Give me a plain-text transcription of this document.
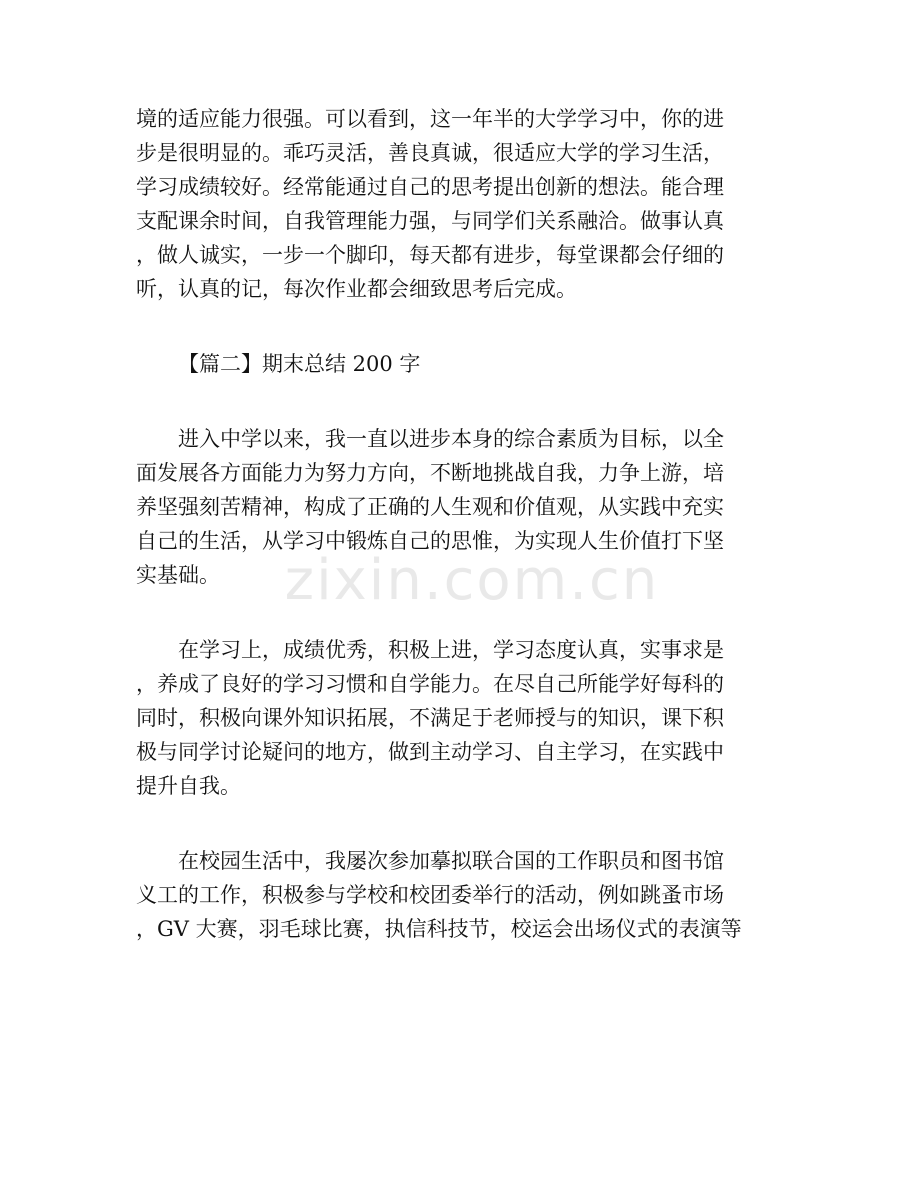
zixin.com.cn
境的适应能力很强。可以看到，这一年半的大学学习中，你的进
步是很明显的。乖巧灵活，善良真诚，很适应大学的学习生活，
学习成绩较好。经常能通过自己的思考提出创新的想法。能合理
支配课余时间，自我管理能力强，与同学们关系融洽。做事认真
，做人诚实，一步一个脚印，每天都有进步，每堂课都会仔细的
听，认真的记，每次作业都会细致思考后完成。
【篇二】期末总结 200 字
进入中学以来，我一直以进步本身的综合素质为目标，以全
面发展各方面能力为努力方向，不断地挑战自我，力争上游，培
养坚强刻苦精神，构成了正确的人生观和价值观，从实践中充实
自己的生活，从学习中锻炼自己的思惟，为实现人生价值打下坚
实基础。
在学习上，成绩优秀，积极上进，学习态度认真，实事求是
，养成了良好的学习习惯和自学能力。在尽自己所能学好每科的
同时，积极向课外知识拓展，不满足于老师授与的知识，课下积
极与同学讨论疑问的地方，做到主动学习、自主学习，在实践中
提升自我。
在校园生活中，我屡次参加摹拟联合国的工作职员和图书馆
义工的工作，积极参与学校和校团委举行的活动，例如跳蚤市场
，GV 大赛，羽毛球比赛，执信科技节，校运会出场仪式的表演等
